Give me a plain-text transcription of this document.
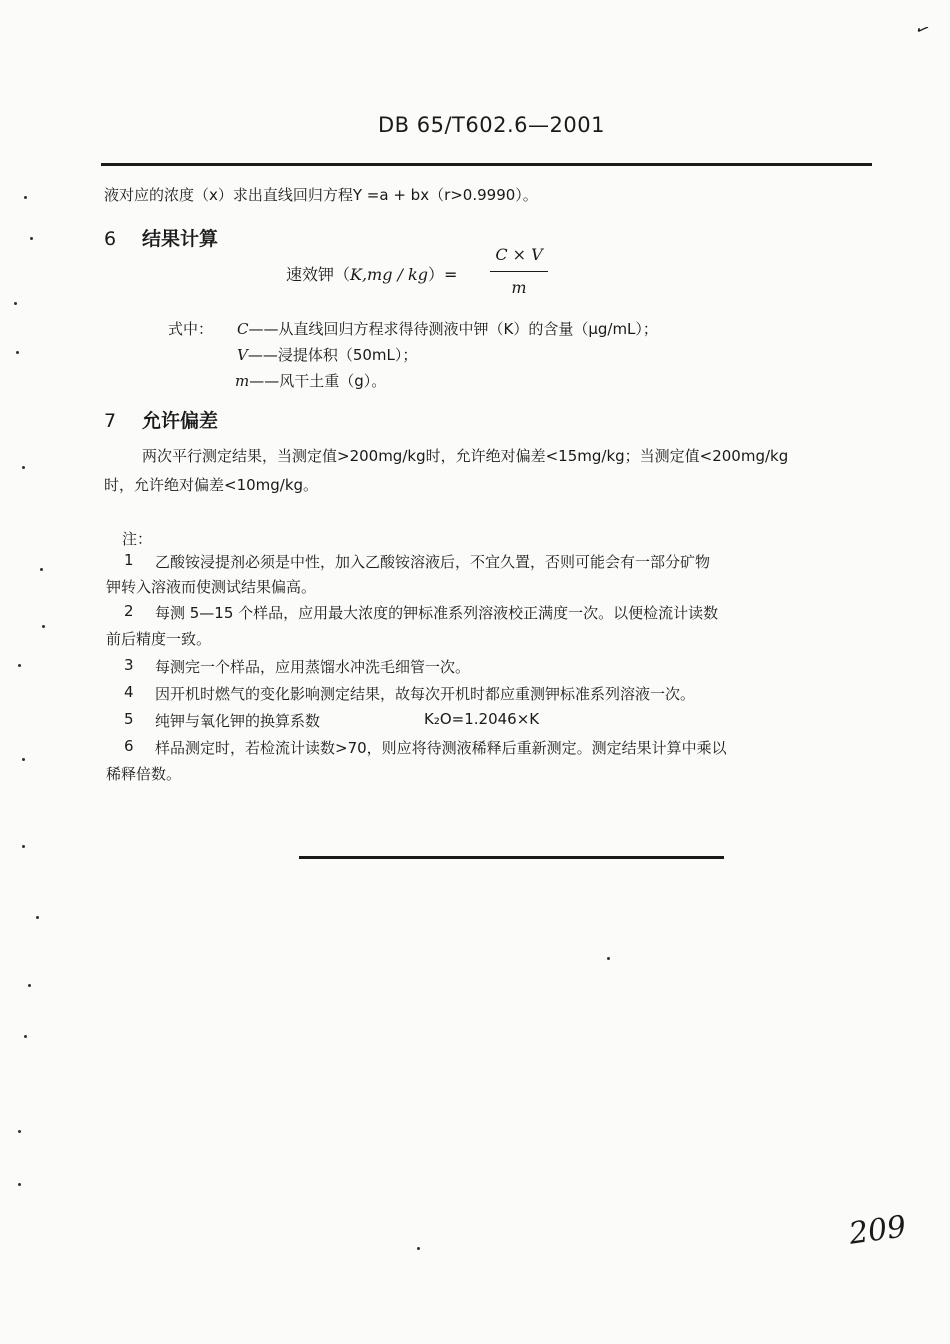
✓
DB 65/T602.6—2001
液对应的浓度（x）求出直线回归方程Y =a + bx（r>0.9990）。
6 结果计算
速效钾（K,mg / kg）=
C × V
m
式中： C——从直线回归方程求得待测液中钾（K）的含量（μg/mL）；
V——浸提体积（50mL）；
m——风干土重（g）。
7 允许偏差
两次平行测定结果，当测定值>200mg/kg时，允许绝对偏差<15mg/kg；当测定值<200mg/kg
时，允许绝对偏差<10mg/kg。
注：
1 乙酸铵浸提剂必须是中性，加入乙酸铵溶液后，不宜久置，否则可能会有一部分矿物
钾转入溶液而使测试结果偏高。
2 每测 5—15 个样品，应用最大浓度的钾标准系列溶液校正满度一次。以便检流计读数
前后精度一致。
3 每测完一个样品，应用蒸馏水冲洗毛细管一次。
4 因开机时燃气的变化影响测定结果，故每次开机时都应重测钾标准系列溶液一次。
5 纯钾与氧化钾的换算系数	K₂O=1.2046×K
6 样品测定时，若检流计读数>70，则应将待测液稀释后重新测定。测定结果计算中乘以
稀释倍数。
209
